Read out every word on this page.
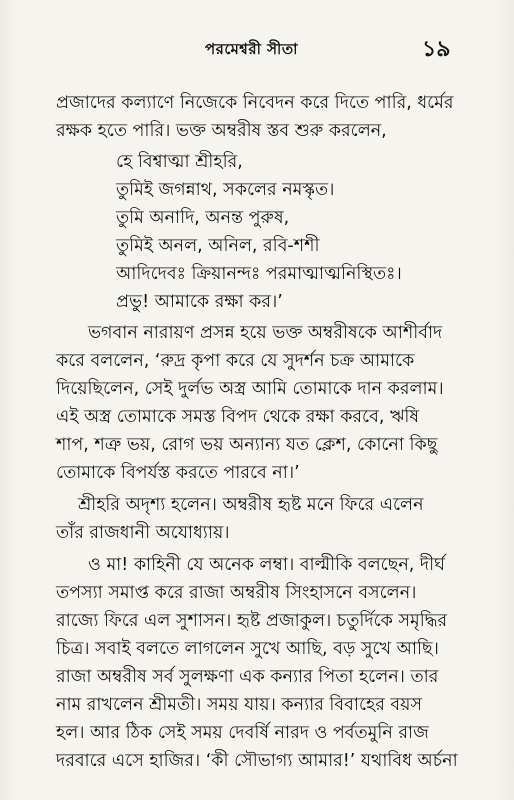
পরমেশ্বরী সীতা	১৯
প্রজাদের কল্যাণে নিজেকে নিবেদন করে দিতে পারি, ধর্মের
রক্ষক হতে পারি। ভক্ত অম্বরীষ স্তব শুরু করলেন,
হে বিশ্বাত্মা শ্রীহরি,
তুমিই জগন্নাথ, সকলের নমস্কৃত।
তুমি অনাদি, অনন্ত পুরুষ,
তুমিই অনল, অনিল, রবি-শশী
আদিদেবঃ ক্রিয়ানন্দঃ পরমাত্মাত্মনিস্থিতঃ।
প্রভু! আমাকে রক্ষা কর।’
ভগবান নারায়ণ প্রসন্ন হয়ে ভক্ত অম্বরীষকে আশীর্বাদ
করে বললেন, ‘রুদ্র কৃপা করে যে সুদর্শন চক্র আমাকে
দিয়েছিলেন, সেই দুর্লভ অস্ত্র আমি তোমাকে দান করলাম।
এই অস্ত্র তোমাকে সমস্ত বিপদ থেকে রক্ষা করবে, ঋষি
শাপ, শত্রু ভয়, রোগ ভয় অন্যান্য যত ক্লেশ, কোনো কিছু
তোমাকে বিপর্যস্ত করতে পারবে না।’
শ্রীহরি অদৃশ্য হলেন। অম্বরীষ হৃষ্ট মনে ফিরে এলেন
তাঁর রাজধানী অযোধ্যায়।
ও মা! কাহিনী যে অনেক লম্বা। বাল্মীকি বলছেন, দীর্ঘ
তপস্যা সমাপ্ত করে রাজা অম্বরীষ সিংহাসনে বসলেন।
রাজ্যে ফিরে এল সুশাসন। হৃষ্ট প্রজাকুল। চতুর্দিকে সমৃদ্ধির
চিত্র। সবাই বলতে লাগলেন সুখে আছি, বড় সুখে আছি।
রাজা অম্বরীষ সর্ব সুলক্ষণা এক কন্যার পিতা হলেন। তার
নাম রাখলেন শ্রীমতী। সময় যায়। কন্যার বিবাহের বয়স
হল। আর ঠিক সেই সময় দেবর্ষি নারদ ও পর্বতমুনি রাজ
দরবারে এসে হাজির। ‘কী সৌভাগ্য আমার!’ যথাবিধ অর্চনা
